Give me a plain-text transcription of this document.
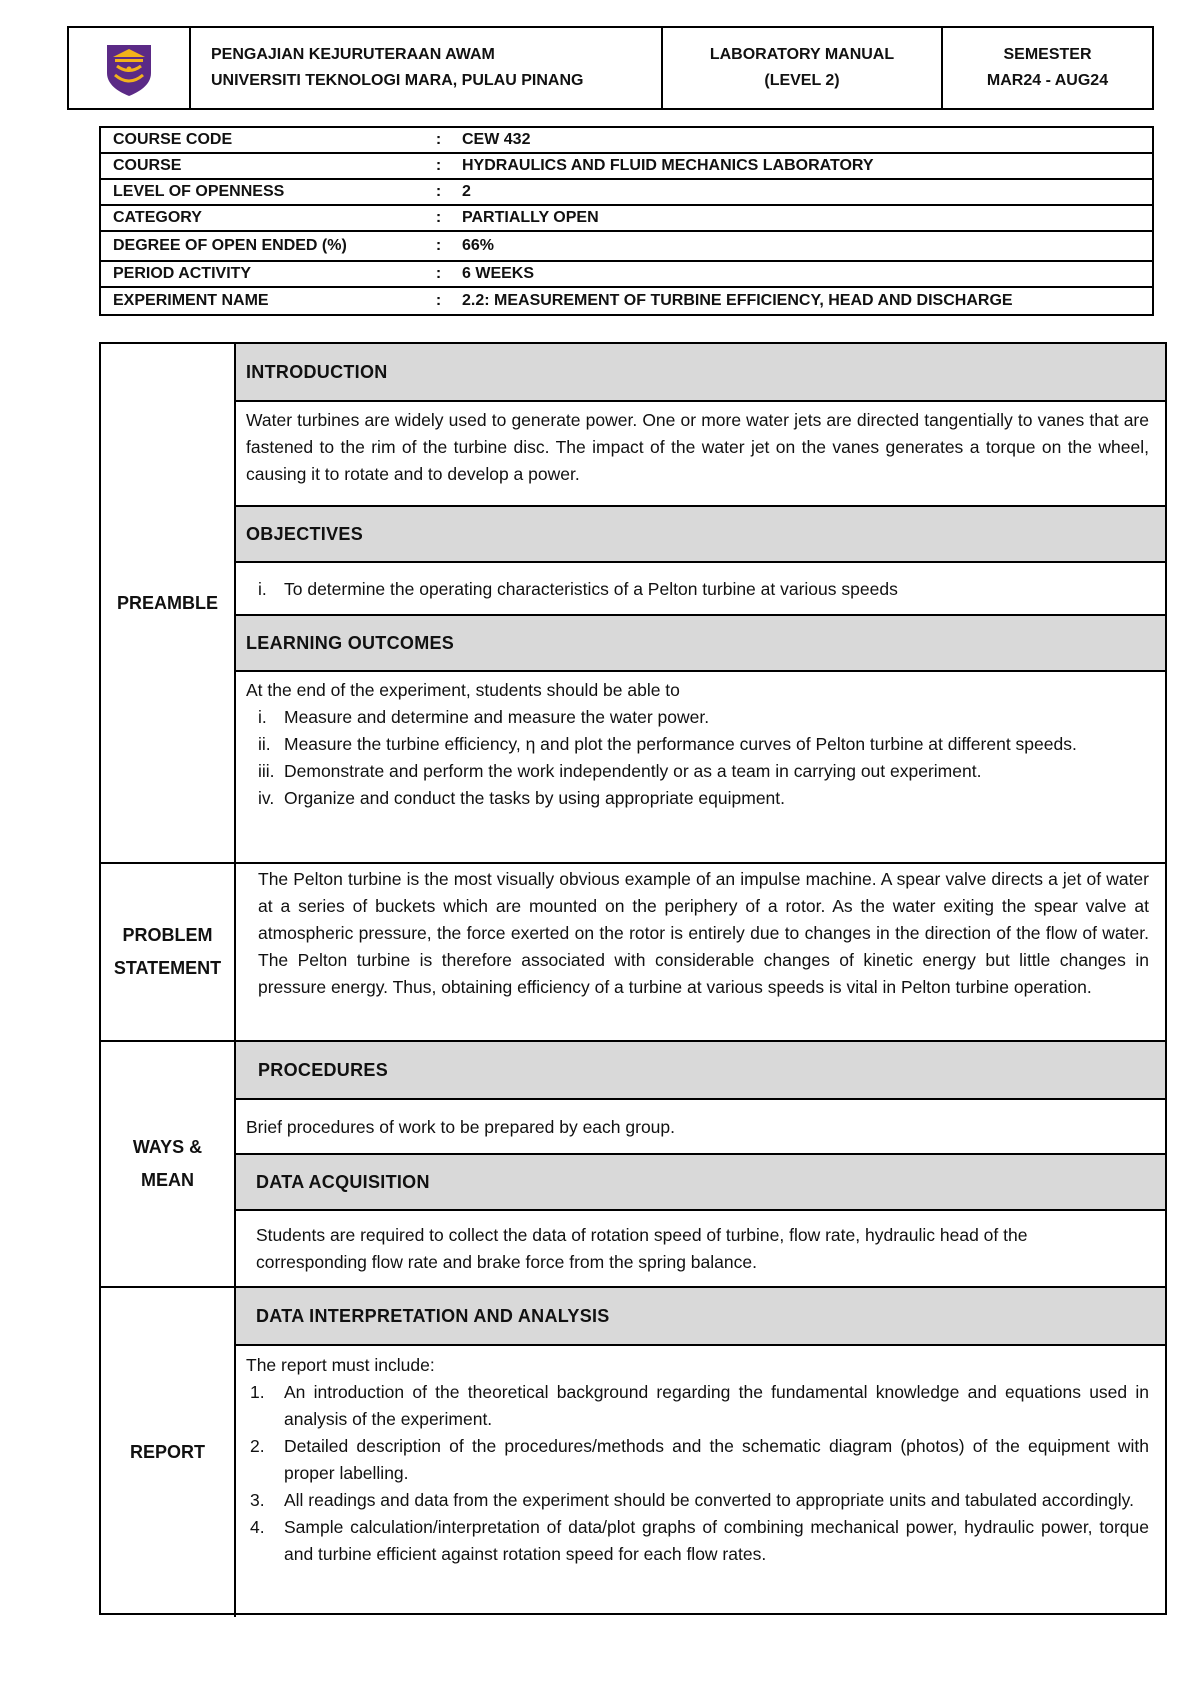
PENGAJIAN KEJURUTERAAN AWAM
UNIVERSITI TEKNOLOGI MARA, PULAU PINANG
LABORATORY MANUAL
(LEVEL 2)
SEMESTER
MAR24 - AUG24
COURSE CODE	:	CEW 432
COURSE	:	HYDRAULICS AND FLUID MECHANICS LABORATORY
LEVEL OF OPENNESS	:	2
CATEGORY	:	PARTIALLY OPEN
DEGREE OF OPEN ENDED (%)	:	66%
PERIOD ACTIVITY	:	6 WEEKS
EXPERIMENT NAME	:	2.2: MEASUREMENT OF TURBINE EFFICIENCY, HEAD AND DISCHARGE
PREAMBLE
INTRODUCTION
Water turbines are widely used to generate power. One or more water jets are directed tangentially to vanes that are fastened to the rim of the turbine disc. The impact of the water jet on the vanes generates a torque on the wheel, causing it to rotate and to develop a power.
OBJECTIVES
i. To determine the operating characteristics of a Pelton turbine at various speeds
LEARNING OUTCOMES
At the end of the experiment, students should be able to
i. Measure and determine and measure the water power.
ii. Measure the turbine efficiency, η and plot the performance curves of Pelton turbine at different speeds.
iii. Demonstrate and perform the work independently or as a team in carrying out experiment.
iv. Organize and conduct the tasks by using appropriate equipment.
PROBLEM
STATEMENT
The Pelton turbine is the most visually obvious example of an impulse machine. A spear valve directs a jet of water at a series of buckets which are mounted on the periphery of a rotor. As the water exiting the spear valve at atmospheric pressure, the force exerted on the rotor is entirely due to changes in the direction of the flow of water. The Pelton turbine is therefore associated with considerable changes of kinetic energy but little changes in pressure energy. Thus, obtaining efficiency of a turbine at various speeds is vital in Pelton turbine operation.
WAYS &
MEAN
PROCEDURES
Brief procedures of work to be prepared by each group.
DATA ACQUISITION
Students are required to collect the data of rotation speed of turbine, flow rate, hydraulic head of the corresponding flow rate and brake force from the spring balance.
REPORT
DATA INTERPRETATION AND ANALYSIS
The report must include:
1.	An introduction of the theoretical background regarding the fundamental knowledge and equations used in analysis of the experiment.
2.	Detailed description of the procedures/methods and the schematic diagram (photos) of the equipment with proper labelling.
3.	All readings and data from the experiment should be converted to appropriate units and tabulated accordingly.
4.	Sample calculation/interpretation of data/plot graphs of combining mechanical power, hydraulic power, torque and turbine efficient against rotation speed for each flow rates.
